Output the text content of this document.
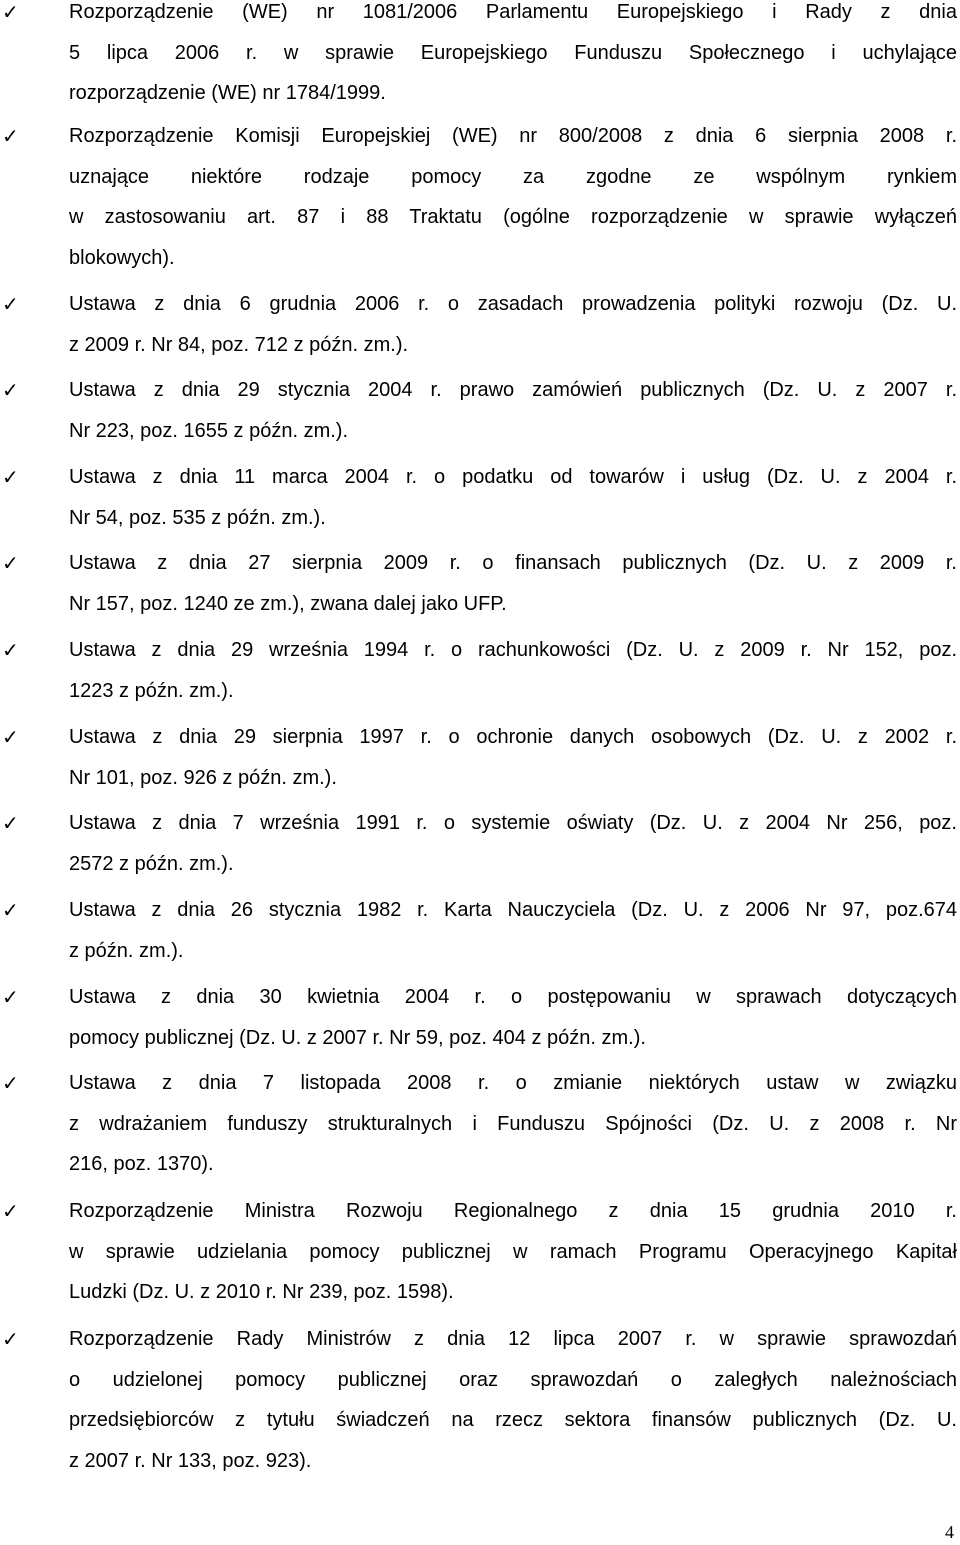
✓	Rozporządzenie (WE) nr 1081/2006 Parlamentu Europejskiego i Rady z dnia
5 lipca 2006 r. w sprawie Europejskiego Funduszu Społecznego i uchylające
rozporządzenie (WE) nr 1784/1999.
✓	Rozporządzenie Komisji Europejskiej (WE) nr 800/2008 z dnia 6 sierpnia 2008 r.
uznające niektóre rodzaje pomocy za zgodne ze wspólnym rynkiem
w zastosowaniu art. 87 i 88 Traktatu (ogólne rozporządzenie w sprawie wyłączeń
blokowych).
✓	Ustawa z dnia 6 grudnia 2006 r. o zasadach prowadzenia polityki rozwoju (Dz. U.
z 2009 r. Nr 84, poz. 712 z późn. zm.).
✓	Ustawa z dnia 29 stycznia 2004 r. prawo zamówień publicznych (Dz. U. z 2007 r.
Nr 223, poz. 1655 z późn. zm.).
✓	Ustawa z dnia 11 marca 2004 r. o podatku od towarów i usług (Dz. U. z 2004 r.
Nr 54, poz. 535 z późn. zm.).
✓	Ustawa z dnia 27 sierpnia 2009 r. o finansach publicznych (Dz. U. z 2009 r.
Nr 157, poz. 1240 ze zm.), zwana dalej jako UFP.
✓	Ustawa z dnia 29 września 1994 r. o rachunkowości (Dz. U. z 2009 r. Nr 152, poz.
1223 z późn. zm.).
✓	Ustawa z dnia 29 sierpnia 1997 r. o ochronie danych osobowych (Dz. U. z 2002 r.
Nr 101, poz. 926 z późn. zm.).
✓	Ustawa z dnia 7 września 1991 r. o systemie oświaty (Dz. U. z 2004 Nr 256, poz.
2572 z późn. zm.).
✓	Ustawa z dnia 26 stycznia 1982 r. Karta Nauczyciela (Dz. U. z 2006 Nr 97, poz.674
z późn. zm.).
✓	Ustawa z dnia 30 kwietnia 2004 r. o postępowaniu w sprawach dotyczących
pomocy publicznej (Dz. U. z 2007 r. Nr 59, poz. 404 z późn. zm.).
✓	Ustawa z dnia 7 listopada 2008 r. o zmianie niektórych ustaw w związku
z wdrażaniem funduszy strukturalnych i Funduszu Spójności (Dz. U. z 2008 r. Nr
216, poz. 1370).
✓	Rozporządzenie Ministra Rozwoju Regionalnego z dnia 15 grudnia 2010 r.
w sprawie udzielania pomocy publicznej w ramach Programu Operacyjnego Kapitał
Ludzki (Dz. U. z 2010 r. Nr 239, poz. 1598).
✓	Rozporządzenie Rady Ministrów z dnia 12 lipca 2007 r. w sprawie sprawozdań
o udzielonej pomocy publicznej oraz sprawozdań o zaległych należnościach
przedsiębiorców z tytułu świadczeń na rzecz sektora finansów publicznych (Dz. U.
z 2007 r. Nr 133, poz. 923).
4
